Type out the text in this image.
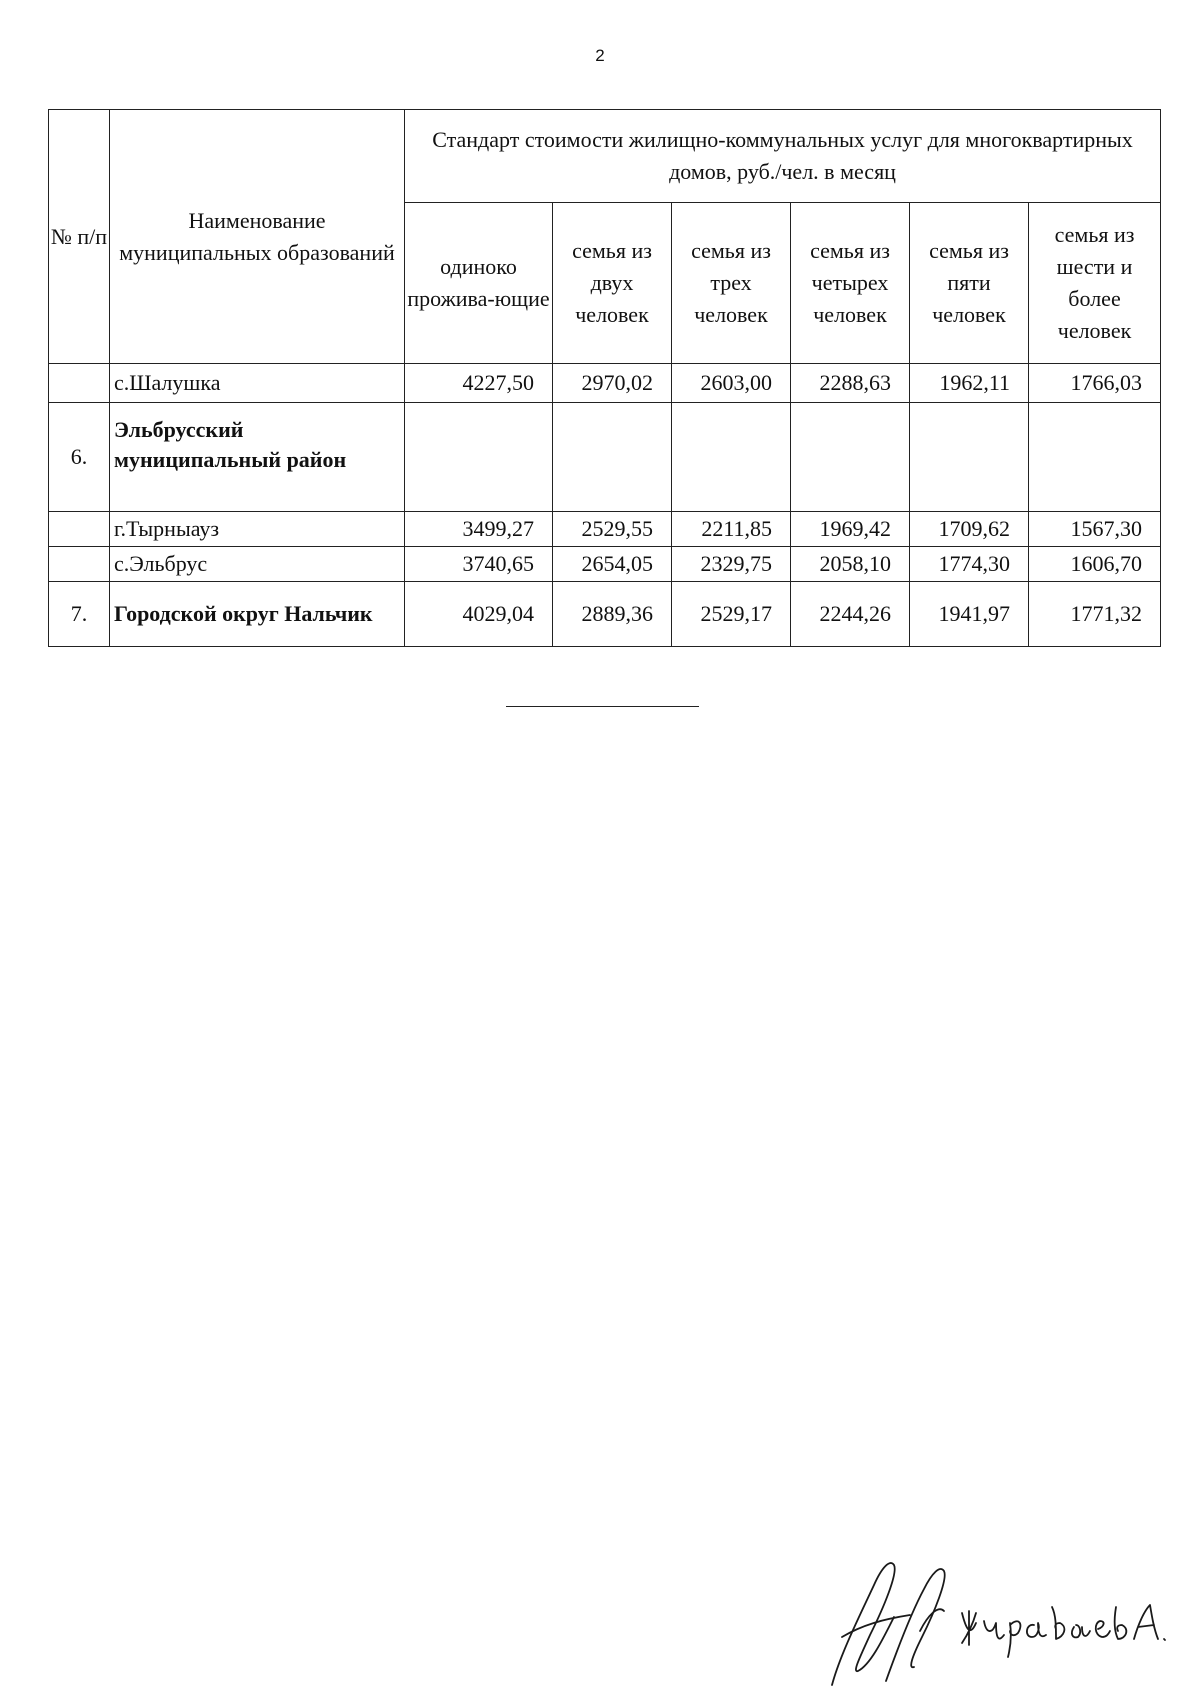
2
№ п/п	Наименование муниципальных образований	Стандарт стоимости жилищно-коммунальных услуг для многоквартирных домов, руб./чел. в месяц					
		одиноко прожива-ющие	семья из двух человек	семья из трех человек	семья из четырех человек	семья из пяти человек	семья из шести и более человек
	с.Шалушка	4227,50	2970,02	2603,00	2288,63	1962,11	1766,03
6.	Эльбрусский муниципальный район						
	г.Тырныауз	3499,27	2529,55	2211,85	1969,42	1709,62	1567,30
	с.Эльбрус	3740,65	2654,05	2329,75	2058,10	1774,30	1606,70
7.	Городской округ Нальчик	4029,04	2889,36	2529,17	2244,26	1941,97	1771,32
